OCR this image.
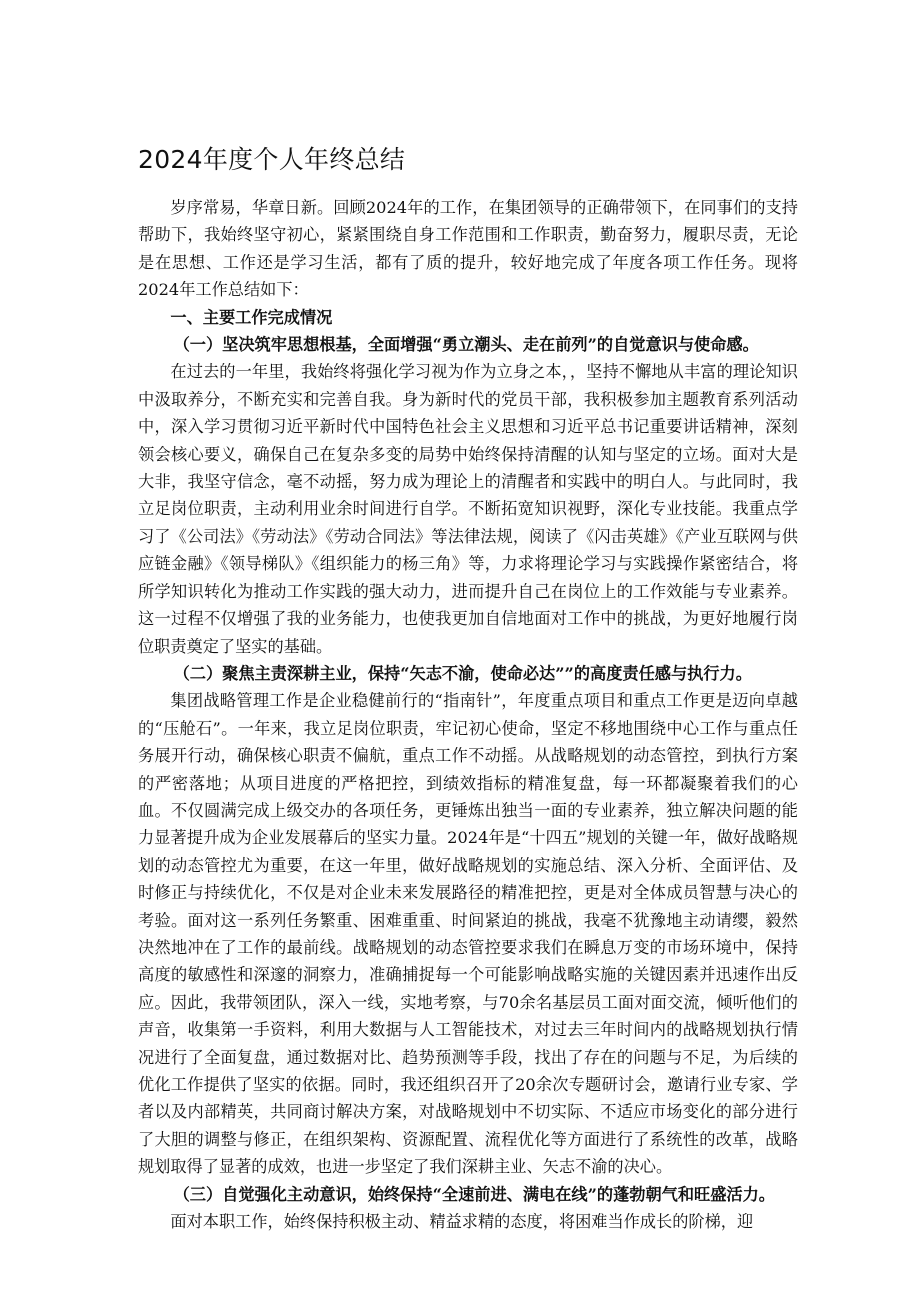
2024年度个人年终总结

岁序常易，华章日新。回顾2024年的工作，在集团领导的正确带领下，在同事们的支持帮助下，我始终坚守初心，紧紧围绕自身工作范围和工作职责，勤奋努力，履职尽责，无论是在思想、工作还是学习生活，都有了质的提升，较好地完成了年度各项工作任务。现将2024年工作总结如下：

一、主要工作完成情况

（一）坚决筑牢思想根基，全面增强“勇立潮头、走在前列”的自觉意识与使命感。

在过去的一年里，我始终将强化学习视为作为立身之本，，坚持不懈地从丰富的理论知识中汲取养分，不断充实和完善自我。身为新时代的党员干部，我积极参加主题教育系列活动中，深入学习贯彻习近平新时代中国特色社会主义思想和习近平总书记重要讲话精神，深刻领会核心要义，确保自己在复杂多变的局势中始终保持清醒的认知与坚定的立场。面对大是大非，我坚守信念，毫不动摇，努力成为理论上的清醒者和实践中的明白人。与此同时，我立足岗位职责，主动利用业余时间进行自学。不断拓宽知识视野，深化专业技能。我重点学习了《公司法》《劳动法》《劳动合同法》等法律法规，阅读了《闪击英雄》《产业互联网与供应链金融》《领导梯队》《组织能力的杨三角》等，力求将理论学习与实践操作紧密结合，将所学知识转化为推动工作实践的强大动力，进而提升自己在岗位上的工作效能与专业素养。这一过程不仅增强了我的业务能力，也使我更加自信地面对工作中的挑战，为更好地履行岗位职责奠定了坚实的基础。

（二）聚焦主责深耕主业，保持“矢志不渝，使命必达””的高度责任感与执行力。

集团战略管理工作是企业稳健前行的“指南针”，年度重点项目和重点工作更是迈向卓越的“压舱石”。一年来，我立足岗位职责，牢记初心使命，坚定不移地围绕中心工作与重点任务展开行动，确保核心职责不偏航，重点工作不动摇。从战略规划的动态管控，到执行方案的严密落地；从项目进度的严格把控，到绩效指标的精准复盘，每一环都凝聚着我们的心血。不仅圆满完成上级交办的各项任务，更锤炼出独当一面的专业素养，独立解决问题的能力显著提升成为企业发展幕后的坚实力量。2024年是“十四五”规划的关键一年，做好战略规划的动态管控尤为重要，在这一年里，做好战略规划的实施总结、深入分析、全面评估、及时修正与持续优化，不仅是对企业未来发展路径的精准把控，更是对全体成员智慧与决心的考验。面对这一系列任务繁重、困难重重、时间紧迫的挑战，我毫不犹豫地主动请缨，毅然决然地冲在了工作的最前线。战略规划的动态管控要求我们在瞬息万变的市场环境中，保持高度的敏感性和深邃的洞察力，准确捕捉每一个可能影响战略实施的关键因素并迅速作出反应。因此，我带领团队，深入一线，实地考察，与70余名基层员工面对面交流，倾听他们的声音，收集第一手资料，利用大数据与人工智能技术，对过去三年时间内的战略规划执行情况进行了全面复盘，通过数据对比、趋势预测等手段，找出了存在的问题与不足，为后续的优化工作提供了坚实的依据。同时，我还组织召开了20余次专题研讨会，邀请行业专家、学者以及内部精英，共同商讨解决方案，对战略规划中不切实际、不适应市场变化的部分进行了大胆的调整与修正，在组织架构、资源配置、流程优化等方面进行了系统性的改革，战略规划取得了显著的成效，也进一步坚定了我们深耕主业、矢志不渝的决心。

（三）自觉强化主动意识，始终保持“全速前进、满电在线”的蓬勃朝气和旺盛活力。

面对本职工作，始终保持积极主动、精益求精的态度，将困难当作成长的阶梯，迎
